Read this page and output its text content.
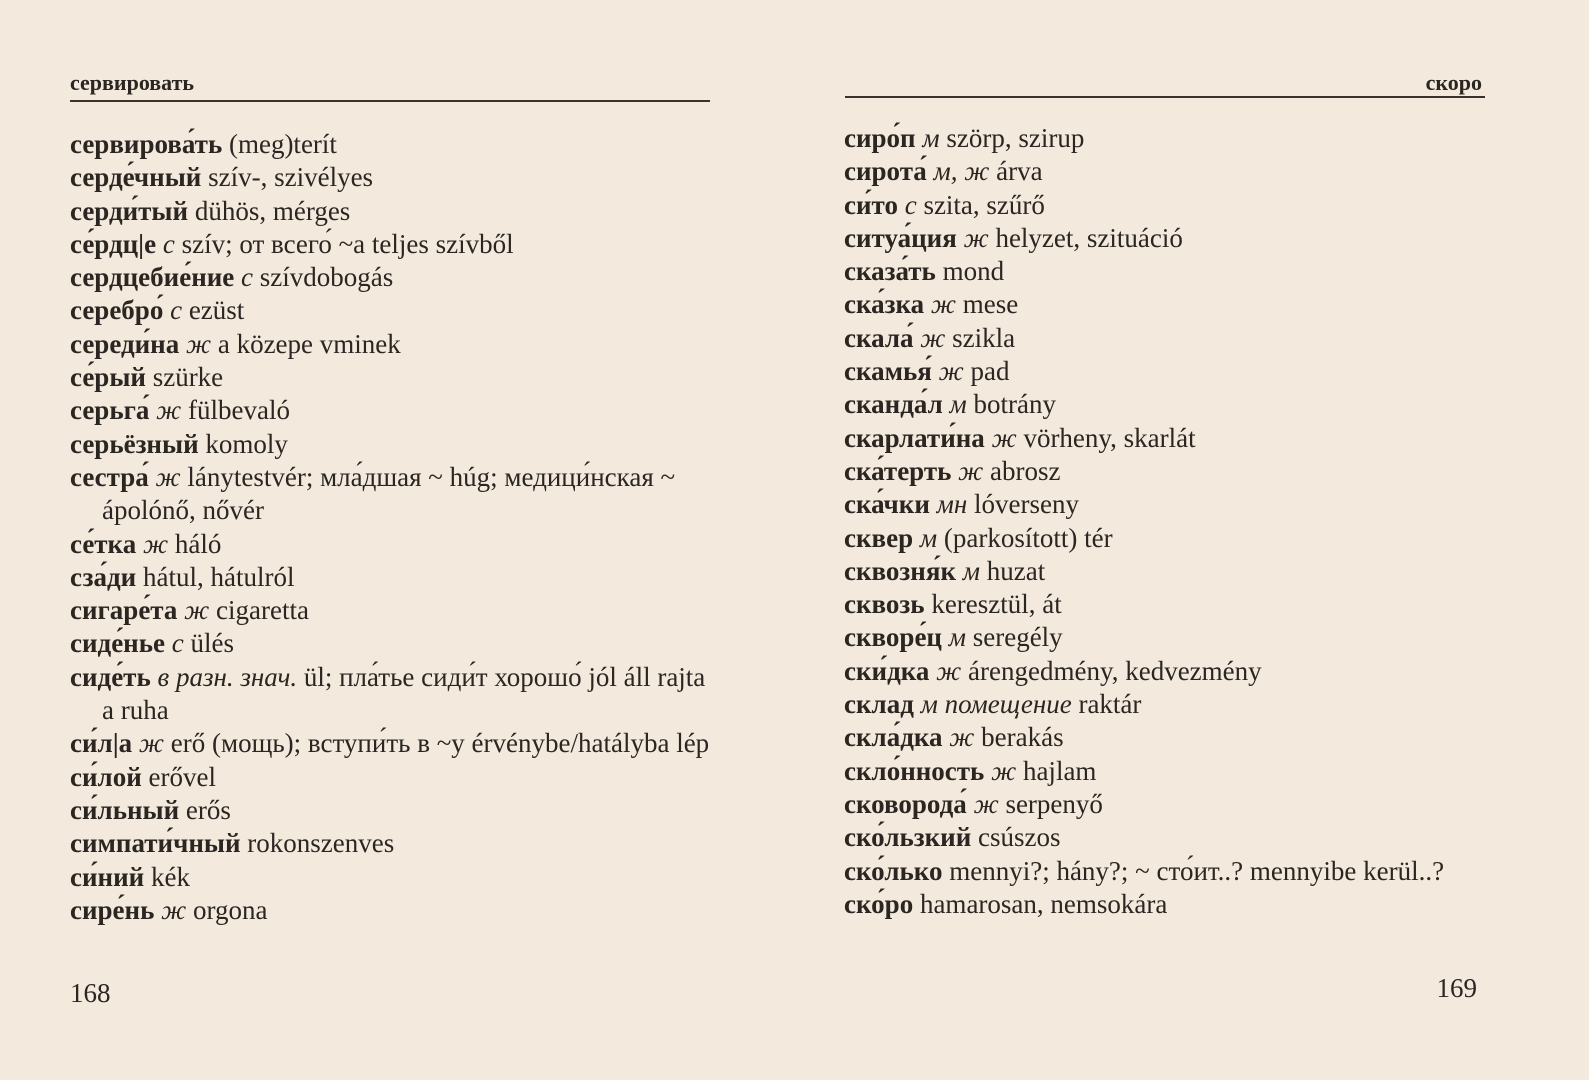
сервировать
сервирова́ть (meg)terít
серде́чный szív-, szivélyes
серди́тый dühös, mérges
се́рдц|е с szív; от всего́ ~а teljes szívből
сердцебие́ние с szívdobogás
серебро́ с ezüst
середи́на ж a közepe vminek
се́рый szürke
серьга́ ж fülbevaló
серьёзный komoly
сестра́ ж lánytestvér; мла́дшая ~ húg; медици́нская ~ ápolónő, nővér
се́тка ж háló
сза́ди hátul, hátulról
сигаре́та ж cigaretta
сиде́нье с ülés
сиде́ть в разн. знач. ül; пла́тье сиди́т хорошо́ jól áll rajta a ruha
си́л|а ж erő (мощь); вступи́ть в ~у érvénybe/hatályba lép
си́лой erővel
си́льный erős
симпати́чный rokonszenves
си́ний kék
сире́нь ж orgona
168
скоро
сиро́п м szörp, szirup
сирота́ м, ж árva
си́то с szita, szűrő
ситуа́ция ж helyzet, szituáció
сказа́ть mond
ска́зка ж mese
скала́ ж szikla
скамья́ ж pad
сканда́л м botrány
скарлати́на ж vörheny, skarlát
ска́терть ж abrosz
ска́чки мн lóverseny
сквер м (parkosított) tér
сквозня́к м huzat
сквозь keresztül, át
скворе́ц м seregély
ски́дка ж árengedmény, kedvezmény
склад м помещение raktár
скла́дка ж berakás
скло́нность ж hajlam
сковорода́ ж serpenyő
ско́льзкий csúszos
ско́лько mennyi?; hány?; ~ сто́ит..? mennyibe kerül..?
ско́ро hamarosan, nemsokára
169
